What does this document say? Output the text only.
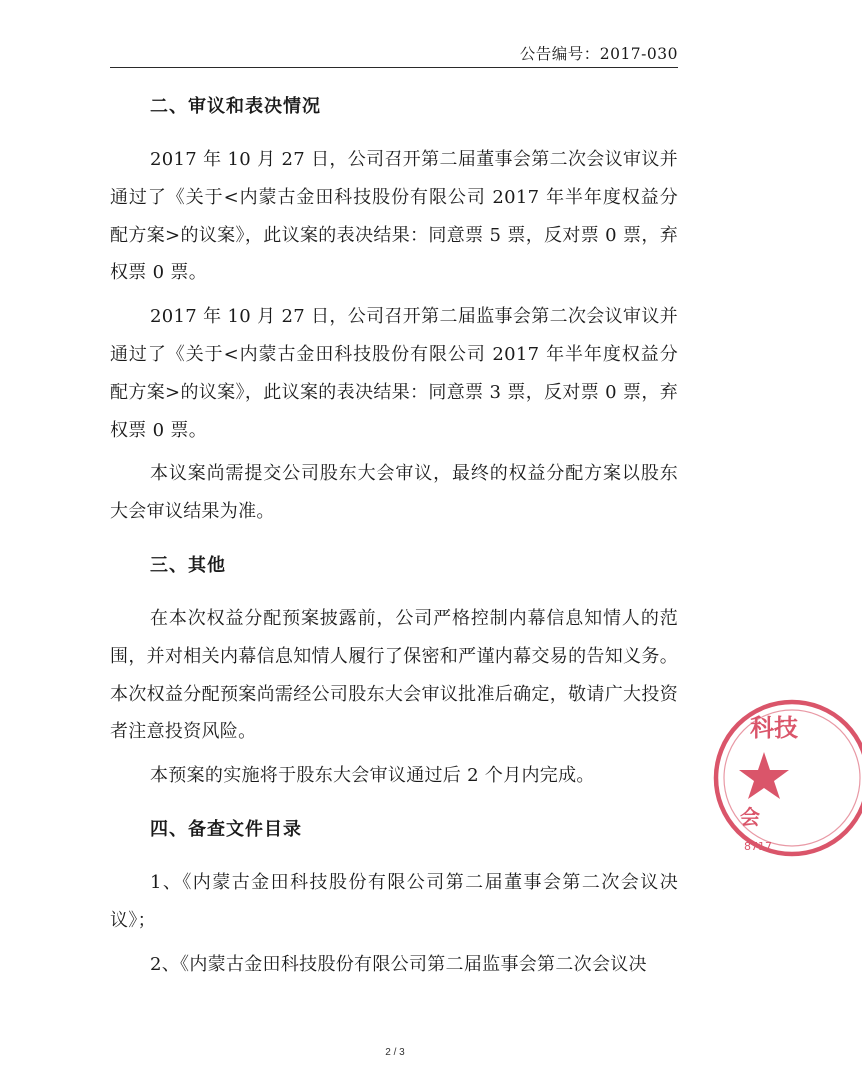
公告编号：2017-030
二、审议和表决情况

2017 年 10 月 27 日，公司召开第二届董事会第二次会议审议并通过了《关于<内蒙古金田科技股份有限公司 2017 年半年度权益分配方案>的议案》，此议案的表决结果：同意票 5 票，反对票 0 票，弃权票 0 票。

2017 年 10 月 27 日，公司召开第二届监事会第二次会议审议并通过了《关于<内蒙古金田科技股份有限公司 2017 年半年度权益分配方案>的议案》，此议案的表决结果：同意票 3 票，反对票 0 票，弃权票 0 票。

本议案尚需提交公司股东大会审议，最终的权益分配方案以股东大会审议结果为准。

三、其他

在本次权益分配预案披露前，公司严格控制内幕信息知情人的范围，并对相关内幕信息知情人履行了保密和严谨内幕交易的告知义务。本次权益分配预案尚需经公司股东大会审议批准后确定，敬请广大投资者注意投资风险。

本预案的实施将于股东大会审议通过后 2 个月内完成。

四、备查文件目录

1、《内蒙古金田科技股份有限公司第二届董事会第二次会议决议》；

2、《内蒙古金田科技股份有限公司第二届监事会第二次会议决

科技
会
8717
2 / 3
